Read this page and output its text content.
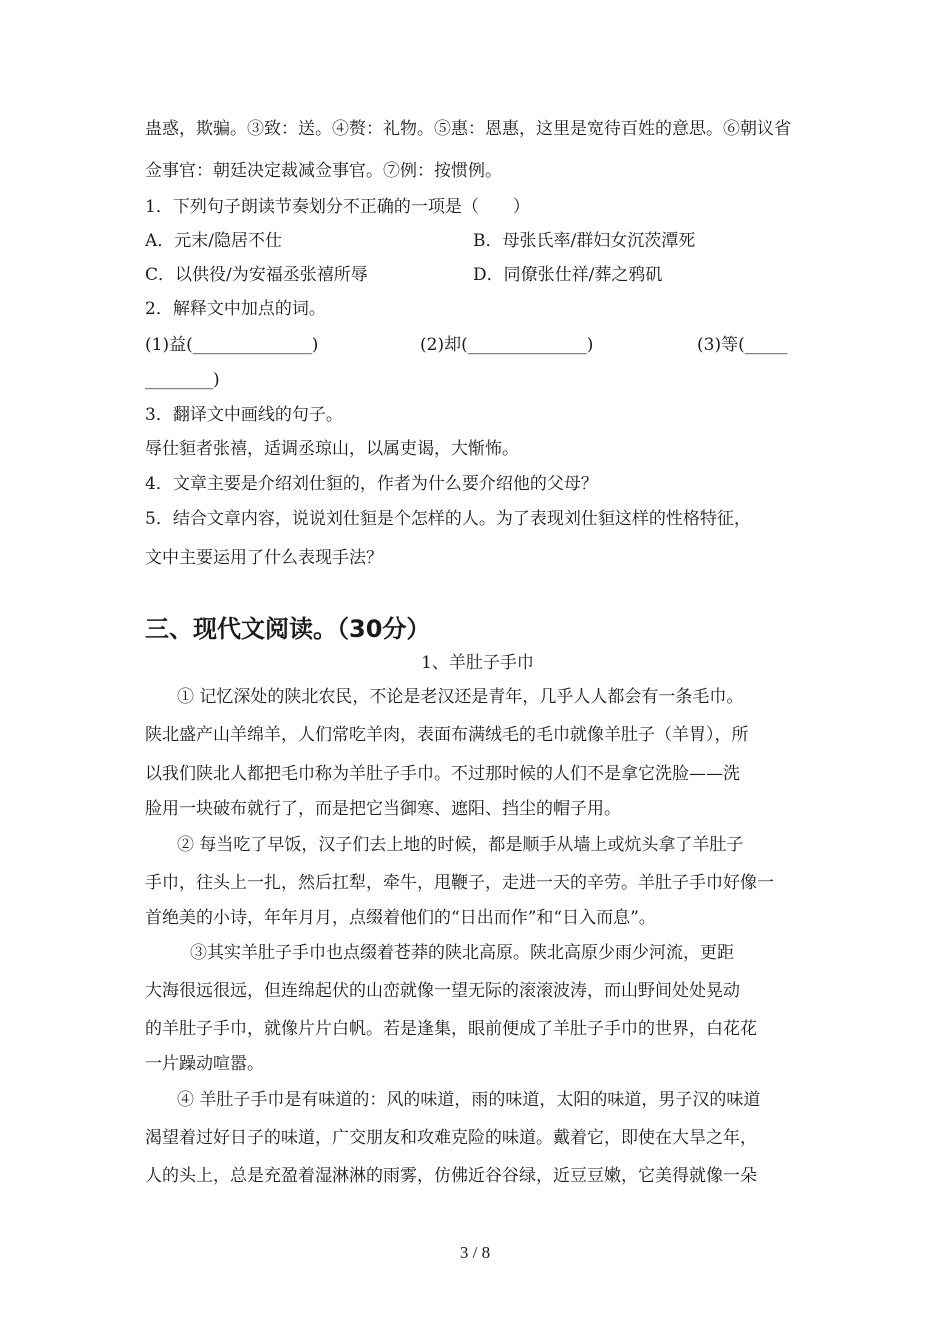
蛊惑，欺骗。③致：送。④赘：礼物。⑤惠：恩惠，这里是宽待百姓的意思。⑥朝议省
佥事官：朝廷决定裁减佥事官。⑦例：按惯例。
1．下列句子朗读节奏划分不正确的一项是（　　）
A．元末/隐居不仕	B．母张氏率/群妇女沉茨潭死
C．以供役/为安福丞张禧所辱	D．同僚张仕祥/葬之鸦矶
2．解释文中加点的词。
(1)益(______________)	(2)却(______________)	(3)等(_____
________)
3．翻译文中画线的句子。
辱仕貆者张禧，适调丞琼山，以属吏谒，大惭怖。
4．文章主要是介绍刘仕貆的，作者为什么要介绍他的父母？
5．结合文章内容，说说刘仕貆是个怎样的人。为了表现刘仕貆这样的性格特征，
文中主要运用了什么表现手法？
三、现代文阅读。（30分）
1、羊肚子手巾
① 记忆深处的陕北农民，不论是老汉还是青年，几乎人人都会有一条毛巾。
陕北盛产山羊绵羊，人们常吃羊肉，表面布满绒毛的毛巾就像羊肚子（羊胃），所
以我们陕北人都把毛巾称为羊肚子手巾。不过那时候的人们不是拿它洗脸——洗
脸用一块破布就行了，而是把它当御寒、遮阳、挡尘的帽子用。
② 每当吃了早饭，汉子们去上地的时候，都是顺手从墙上或炕头拿了羊肚子
手巾，往头上一扎，然后扛犁，牵牛，甩鞭子，走进一天的辛劳。羊肚子手巾好像一
首绝美的小诗，年年月月，点缀着他们的“日出而作”和“日入而息”。
③其实羊肚子手巾也点缀着苍莽的陕北高原。陕北高原少雨少河流，更距
大海很远很远，但连绵起伏的山峦就像一望无际的滚滚波涛，而山野间处处晃动
的羊肚子手巾，就像片片白帆。若是逢集，眼前便成了羊肚子手巾的世界，白花花
一片躁动喧嚣。
④ 羊肚子手巾是有味道的：风的味道，雨的味道，太阳的味道，男子汉的味道
渴望着过好日子的味道，广交朋友和攻难克险的味道。戴着它，即使在大旱之年，
人的头上，总是充盈着湿淋淋的雨雾，仿佛近谷谷绿，近豆豆嫩，它美得就像一朵
3 / 8
